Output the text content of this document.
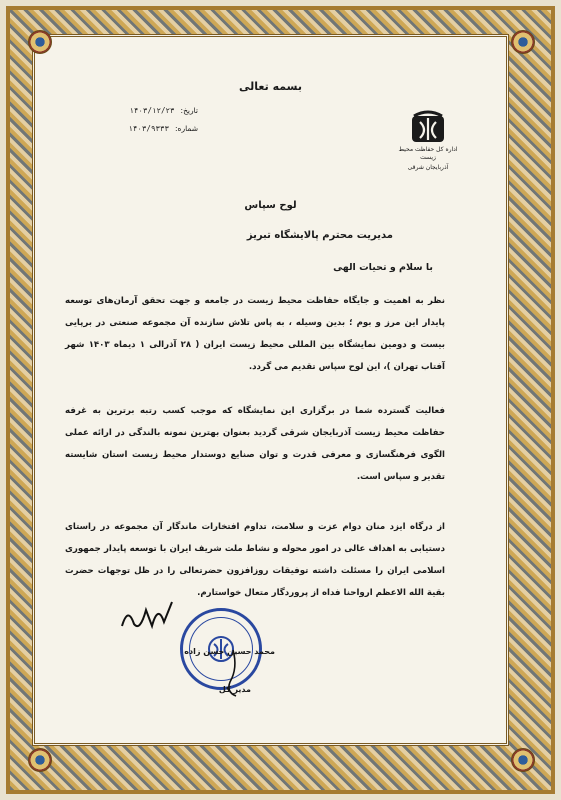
بسمه تعالی
اداره کل حفاظت محیط زیست
آذربایجان شرقی
تاریخ:
۱۴۰۳/۱۲/۲۳
شماره:
۱۴۰۳/۹۳۳۳
لوح سپاس
مدیریت محترم پالایشگاه تبریز
با سلام و تحیات الهی
نظر به اهمیت و جایگاه حفاظت محیط زیست در جامعه و جهت تحقق آرمان‌های توسعه پایدار این مرز و بوم ؛ بدین وسیله ، به پاس تلاش سازنده آن مجموعه صنعتی در برپایی بیست و دومین نمایشگاه بین المللی محیط زیست ایران ( ۲۸ آذرالی ۱ دیماه ۱۴۰۳ شهر آفتاب تهران )، این لوح سپاس تقدیم می گردد.
فعالیت گسترده شما در برگزاری این نمایشگاه که موجب کسب رتبه برترین به غرفه حفاظت محیط زیست آذربایجان شرقی گردید بعنوان بهترین نمونه بالندگی در ارائه عملی الگوی فرهنگسازی و معرفی قدرت و توان صنایع دوستدار محیط زیست استان شایسته تقدیر و سپاس است.
از درگاه ایزد منان دوام عزت و سلامت، تداوم افتخارات ماندگار آن مجموعه در راستای دستیابی به اهداف عالی در امور محوله و نشاط ملت شریف ایران با توسعه پایدار جمهوری اسلامی ایران را مسئلت داشته توفیقات روزافزون حضرتعالی را در ظل توجهات حضرت بقیة الله الاعظم ارواحنا فداه از پروردگار متعال خواستارم.
محمد حسین حسن زاده
مدیر کل
